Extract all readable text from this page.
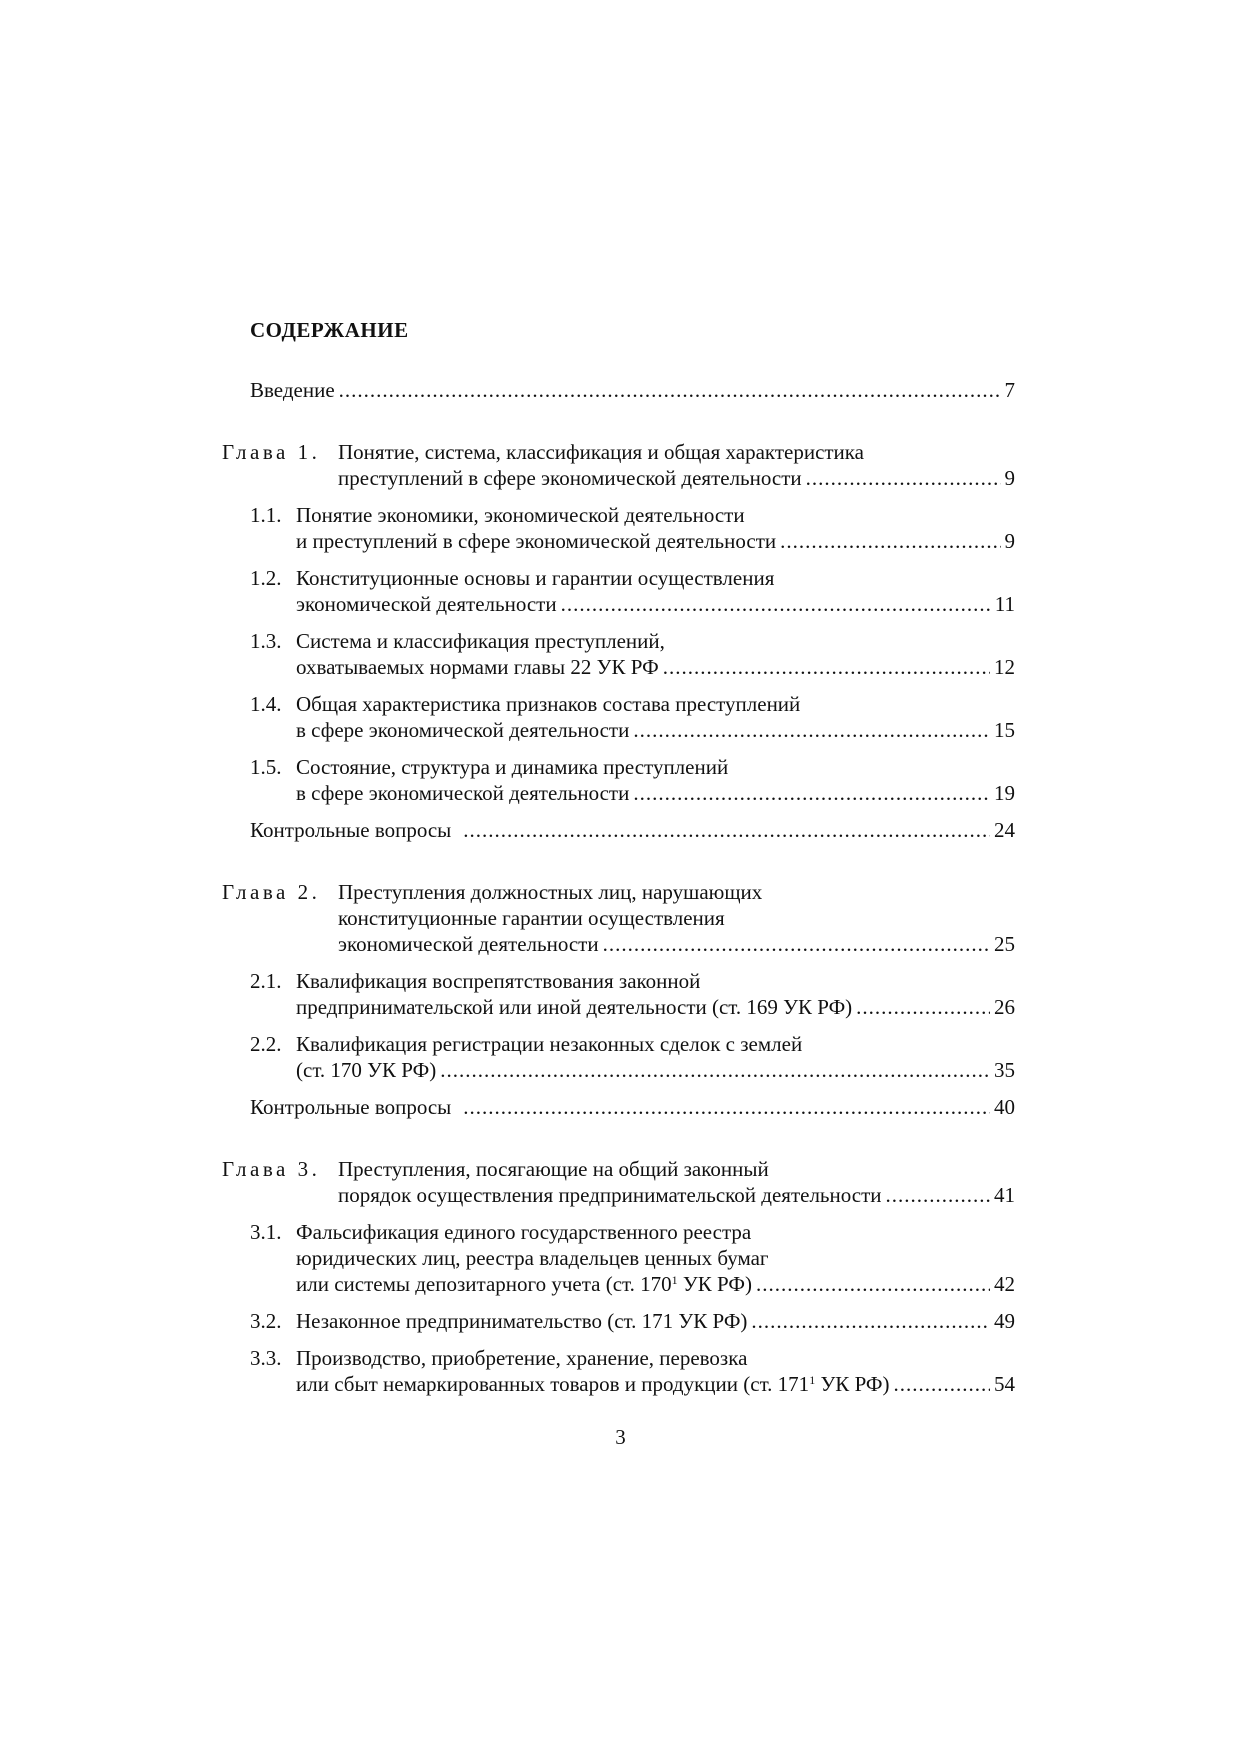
СОДЕРЖАНИЕ
Введение .....	7
Глава 1. Понятие, система, классификация и общая характеристика
преступлений в сфере экономической деятельности .....	9
1.1. Понятие экономики, экономической деятельности
и преступлений в сфере экономической деятельности .....	9
1.2. Конституционные основы и гарантии осуществления
экономической деятельности .....	11
1.3. Система и классификация преступлений,
охватываемых нормами главы 22 УК РФ .....	12
1.4. Общая характеристика признаков состава преступлений
в сфере экономической деятельности .....	15
1.5. Состояние, структура и динамика преступлений
в сфере экономической деятельности .....	19
Контрольные вопросы .....	24
Глава 2. Преступления должностных лиц, нарушающих
конституционные гарантии осуществления
экономической деятельности .....	25
2.1. Квалификация воспрепятствования законной
предпринимательской или иной деятельности (ст. 169 УК РФ) .....	26
2.2. Квалификация регистрации незаконных сделок с землей
(ст. 170 УК РФ) .....	35
Контрольные вопросы .....	40
Глава 3. Преступления, посягающие на общий законный
порядок осуществления предпринимательской деятельности .....	41
3.1. Фальсификация единого государственного реестра
юридических лиц, реестра владельцев ценных бумаг
или системы депозитарного учета (ст. $170^1$ УК РФ) .....	42
3.2. Незаконное предпринимательство (ст. 171 УК РФ) .....	49
3.3. Производство, приобретение, хранение, перевозка
или сбыт немаркированных товаров и продукции (ст. $171^1$ УК РФ) .....	54
3
